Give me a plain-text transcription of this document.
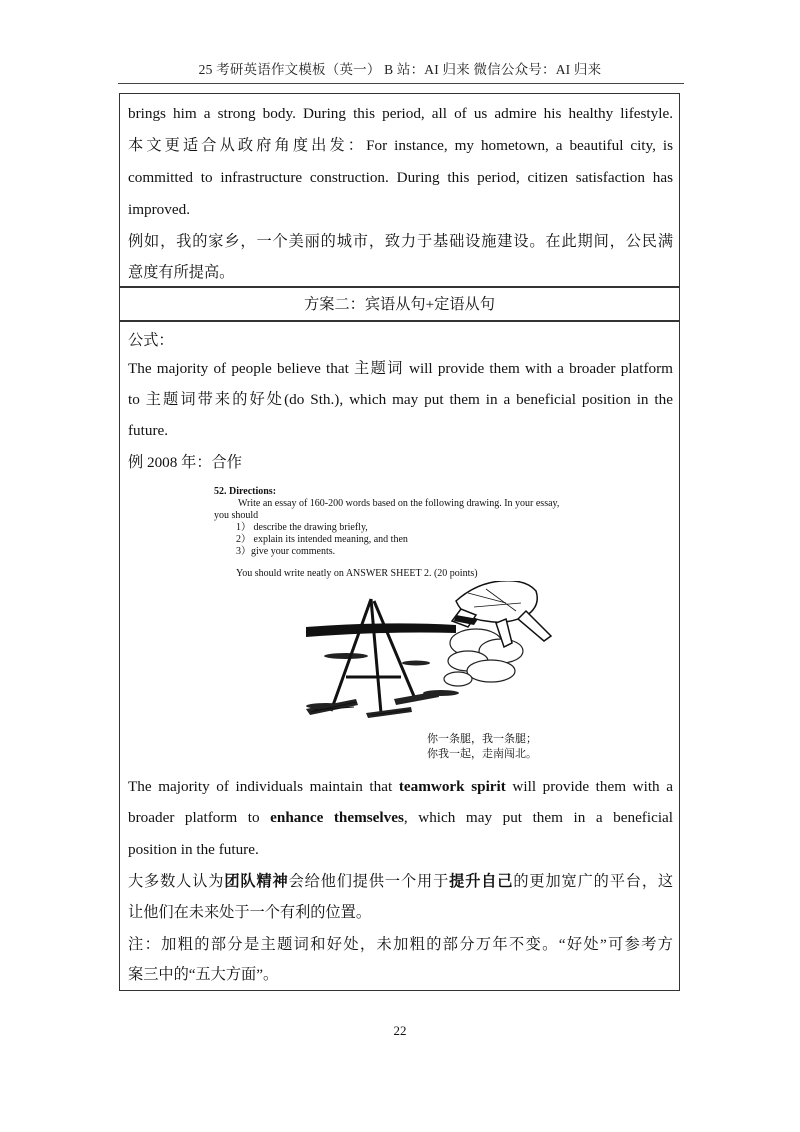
25 考研英语作文模板（英一） B 站：AI 归来 微信公众号：AI 归来
brings him a strong body. During this period, all of us admire his healthy lifestyle.
本文更适合从政府角度出发：For instance, my hometown, a beautiful city, is
committed to infrastructure construction. During this period, citizen satisfaction has
improved.
例如，我的家乡，一个美丽的城市，致力于基础设施建设。在此期间，公民满
意度有所提高。
方案二：宾语从句+定语从句
公式：
The majority of people believe that 主题词 will provide them with a broader platform
to 主题词带来的好处(do Sth.), which may put them in a beneficial position in the
future.
例 2008 年：合作
52. Directions:
Write an essay of 160-200 words based on the following drawing. In your essay,
you should
1） describe the drawing briefly,
2） explain its intended meaning, and then
3）give your comments.
You should write neatly on ANSWER SHEET 2. (20 points)
你一条腿，我一条腿；
你我一起，走南闯北。
The majority of individuals maintain that teamwork spirit will provide them with a
broader platform to enhance themselves, which may put them in a beneficial
position in the future.
大多数人认为团队精神会给他们提供一个用于提升自己的更加宽广的平台，这
让他们在未来处于一个有利的位置。
注：加粗的部分是主题词和好处，未加粗的部分万年不变。“好处”可参考方
案三中的“五大方面”。
22
